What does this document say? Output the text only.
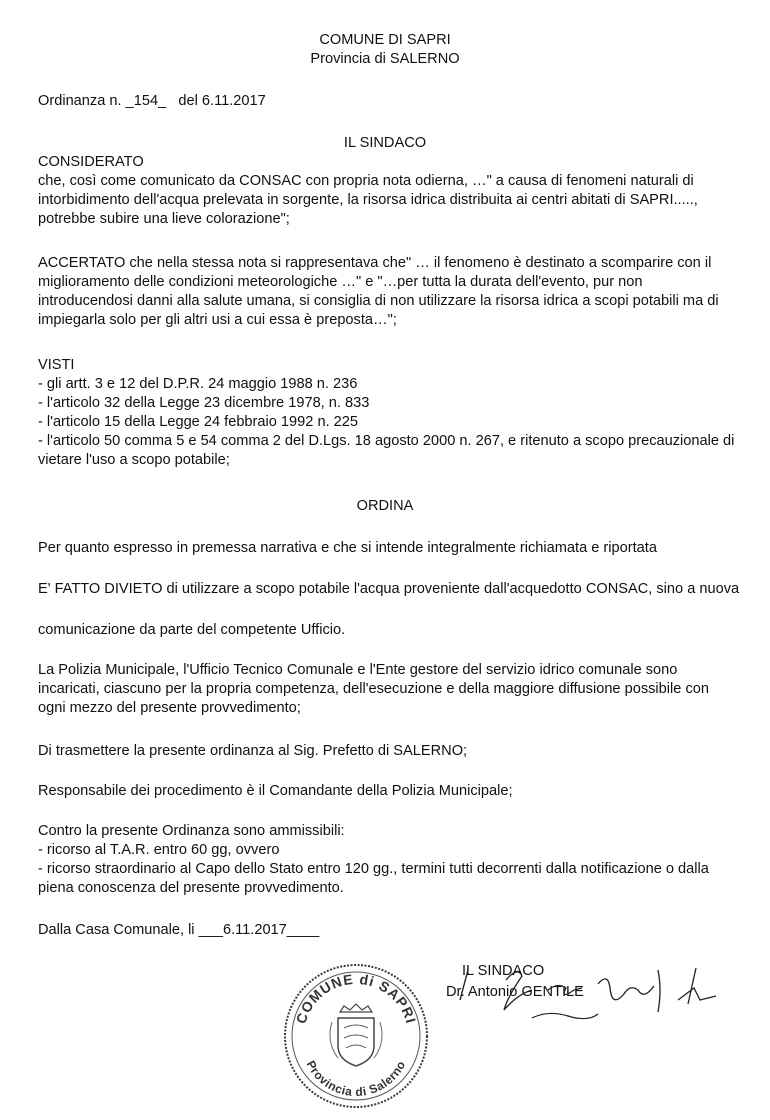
COMUNE DI SAPRI
Provincia di SALERNO
Ordinanza n. _154_ del 6.11.2017
IL SINDACO
CONSIDERATO
che, così come comunicato da CONSAC con propria nota odierna, …" a causa di fenomeni naturali di
intorbidimento dell'acqua prelevata in sorgente, la risorsa idrica distribuita ai centri abitati di SAPRI.....,
potrebbe subire una lieve colorazione";
ACCERTATO che nella stessa nota si rappresentava che" … il fenomeno è destinato a scomparire con il
miglioramento delle condizioni meteorologiche …" e "…per tutta la durata dell'evento, pur non
introducendosi danni alla salute umana, si consiglia di non utilizzare la risorsa idrica a scopi potabili ma di
impiegarla solo per gli altri usi a cui essa è preposta…";
VISTI
- gli artt. 3 e 12 del D.P.R. 24 maggio 1988 n. 236
- l'articolo 32 della Legge 23 dicembre 1978, n. 833
- l'articolo 15 della Legge 24 febbraio 1992 n. 225
- l'articolo 50 comma 5 e 54 comma 2 del D.Lgs. 18 agosto 2000 n. 267, e ritenuto a scopo precauzionale di
vietare l'uso a scopo potabile;
ORDINA
Per quanto espresso in premessa narrativa e che si intende integralmente richiamata e riportata
E' FATTO DIVIETO di utilizzare a scopo potabile l'acqua proveniente dall'acquedotto CONSAC, sino a nuova
comunicazione da parte del competente Ufficio.
La Polizia Municipale, l'Ufficio Tecnico Comunale e l'Ente gestore del servizio idrico comunale sono
incaricati, ciascuno per la propria competenza, dell'esecuzione e della maggiore diffusione possibile con
ogni mezzo del presente provvedimento;
Di trasmettere la presente ordinanza al Sig. Prefetto di SALERNO;
Responsabile dei procedimento è il Comandante della Polizia Municipale;
Contro la presente Ordinanza sono ammissibili:
- ricorso al T.A.R. entro 60 gg, ovvero
- ricorso straordinario al Capo dello Stato entro 120 gg., termini tutti decorrenti dalla notificazione o dalla
piena conoscenza del presente provvedimento.
Dalla Casa Comunale, li ___6.11.2017____
COMUNE di SAPRI
Provincia di Salerno
IL SINDACO
Dr. Antonio GENTILE
